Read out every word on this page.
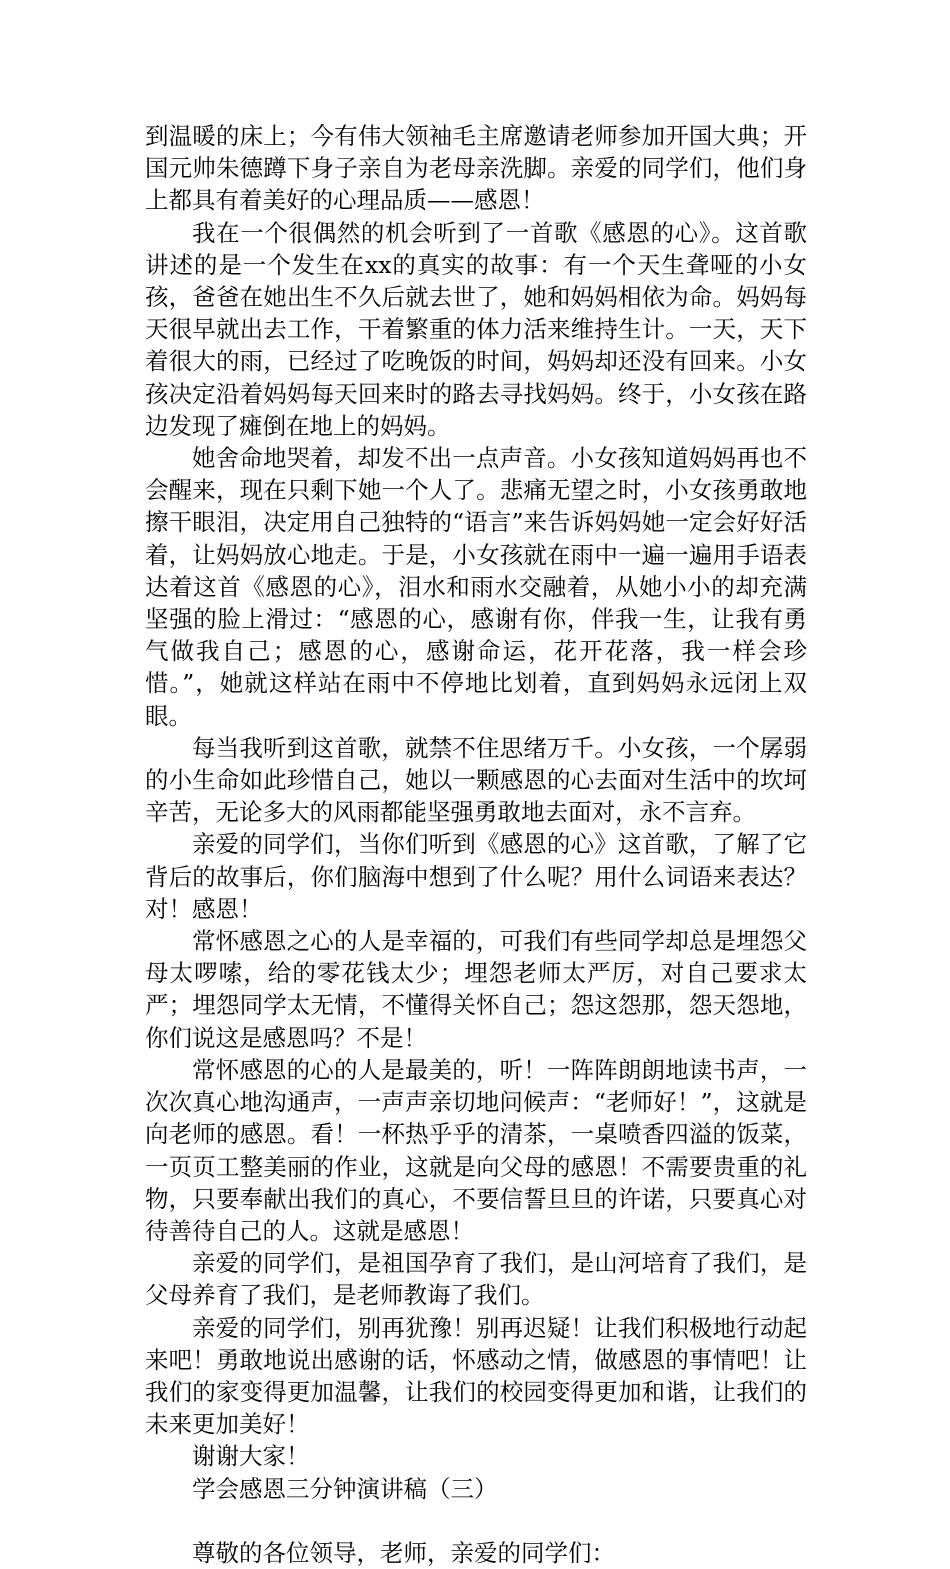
到温暖的床上；今有伟大领袖毛主席邀请老师参加开国大典；开国元帅朱德蹲下身子亲自为老母亲洗脚。亲爱的同学们，他们身上都具有着美好的心理品质——感恩！

我在一个很偶然的机会听到了一首歌《感恩的心》。这首歌讲述的是一个发生在xx的真实的故事：有一个天生聋哑的小女孩，爸爸在她出生不久后就去世了，她和妈妈相依为命。妈妈每天很早就出去工作，干着繁重的体力活来维持生计。一天，天下着很大的雨，已经过了吃晚饭的时间，妈妈却还没有回来。小女孩决定沿着妈妈每天回来时的路去寻找妈妈。终于，小女孩在路边发现了瘫倒在地上的妈妈。

她舍命地哭着，却发不出一点声音。小女孩知道妈妈再也不会醒来，现在只剩下她一个人了。悲痛无望之时，小女孩勇敢地擦干眼泪，决定用自己独特的“语言”来告诉妈妈她一定会好好活着，让妈妈放心地走。于是，小女孩就在雨中一遍一遍用手语表达着这首《感恩的心》，泪水和雨水交融着，从她小小的却充满坚强的脸上滑过：“感恩的心，感谢有你，伴我一生，让我有勇气做我自己；感恩的心，感谢命运，花开花落，我一样会珍惜。”，她就这样站在雨中不停地比划着，直到妈妈永远闭上双眼。

每当我听到这首歌，就禁不住思绪万千。小女孩，一个孱弱的小生命如此珍惜自己，她以一颗感恩的心去面对生活中的坎坷辛苦，无论多大的风雨都能坚强勇敢地去面对，永不言弃。

亲爱的同学们，当你们听到《感恩的心》这首歌，了解了它背后的故事后，你们脑海中想到了什么呢？用什么词语来表达？对！感恩！

常怀感恩之心的人是幸福的，可我们有些同学却总是埋怨父母太啰嗦，给的零花钱太少；埋怨老师太严厉，对自己要求太严；埋怨同学太无情，不懂得关怀自己；怨这怨那，怨天怨地，你们说这是感恩吗？不是！

常怀感恩的心的人是最美的，听！一阵阵朗朗地读书声，一次次真心地沟通声，一声声亲切地问候声：“老师好！”，这就是向老师的感恩。看！一杯热乎乎的清茶，一桌喷香四溢的饭菜，一页页工整美丽的作业，这就是向父母的感恩！不需要贵重的礼物，只要奉献出我们的真心，不要信誓旦旦的许诺，只要真心对待善待自己的人。这就是感恩！

亲爱的同学们，是祖国孕育了我们，是山河培育了我们，是父母养育了我们，是老师教诲了我们。

亲爱的同学们，别再犹豫！别再迟疑！让我们积极地行动起来吧！勇敢地说出感谢的话，怀感动之情，做感恩的事情吧！让我们的家变得更加温馨，让我们的校园变得更加和谐，让我们的未来更加美好！

谢谢大家！

学会感恩三分钟演讲稿（三）

尊敬的各位领导，老师，亲爱的同学们：
